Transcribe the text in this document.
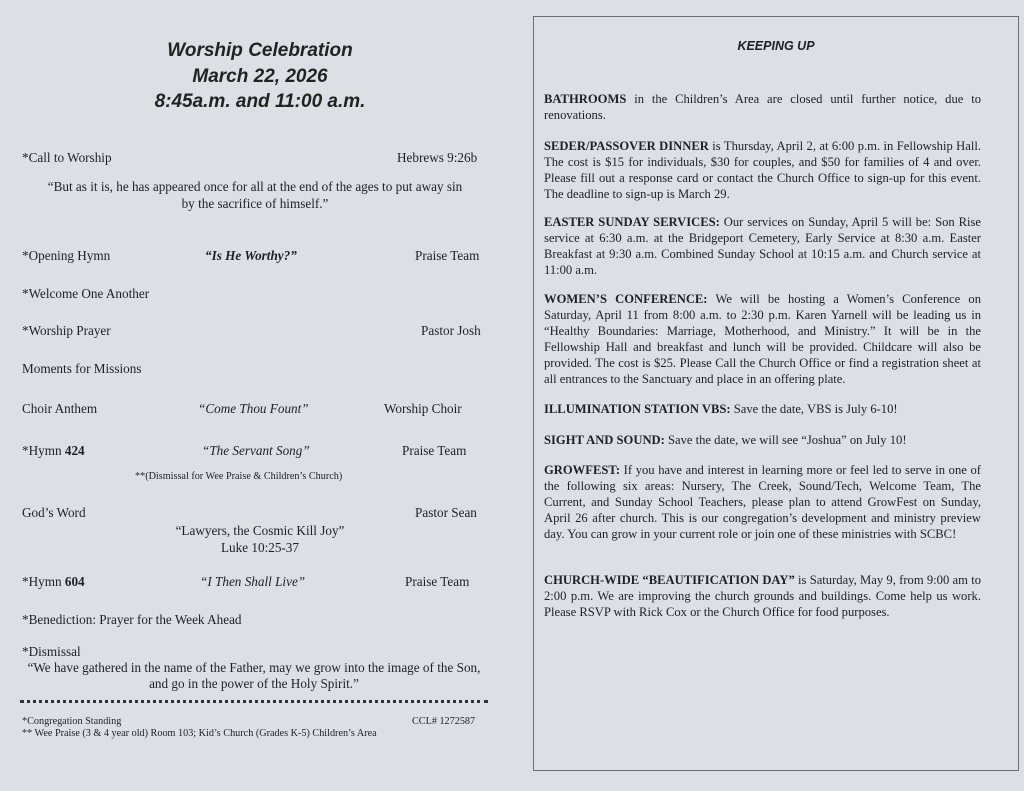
Worship Celebration
March 22, 2026
8:45a.m. and 11:00 a.m.
*Call to Worship	Hebrews 9:26b
“But as it is, he has appeared once for all at the end of the ages to put away sin by the sacrifice of himself.”
*Opening Hymn	“Is He Worthy?”	Praise Team
*Welcome One Another
*Worship Prayer	Pastor Josh
Moments for Missions
Choir Anthem	“Come Thou Fount”	Worship Choir
*Hymn 424	“The Servant Song”	Praise Team
**(Dismissal for Wee Praise & Children’s Church)
God’s Word	Pastor Sean
“Lawyers, the Cosmic Kill Joy”
Luke 10:25-37
*Hymn 604	“I Then Shall Live”	Praise Team
*Benediction: Prayer for the Week Ahead
*Dismissal
“We have gathered in the name of the Father, may we grow into the image of the Son, and go in the power of the Holy Spirit.”
*Congregation Standing	CCL# 1272587
** Wee Praise (3 & 4 year old) Room 103; Kid’s Church (Grades K-5) Children’s Area
KEEPING UP
BATHROOMS in the Children’s Area are closed until further notice, due to renovations.
SEDER/PASSOVER DINNER is Thursday, April 2, at 6:00 p.m. in Fellowship Hall. The cost is $15 for individuals, $30 for couples, and $50 for families of 4 and over. Please fill out a response card or contact the Church Office to sign-up for this event. The deadline to sign-up is March 29.
EASTER SUNDAY SERVICES: Our services on Sunday, April 5 will be: Son Rise service at 6:30 a.m. at the Bridgeport Cemetery, Early Service at 8:30 a.m. Easter Breakfast at 9:30 a.m. Combined Sunday School at 10:15 a.m. and Church service at 11:00 a.m.
WOMEN’S CONFERENCE: We will be hosting a Women’s Conference on Saturday, April 11 from 8:00 a.m. to 2:30 p.m. Karen Yarnell will be leading us in “Healthy Boundaries: Marriage, Motherhood, and Ministry.” It will be in the Fellowship Hall and breakfast and lunch will be provided. Childcare will also be provided. The cost is $25. Please Call the Church Office or find a registration sheet at all entrances to the Sanctuary and place in an offering plate.
ILLUMINATION STATION VBS: Save the date, VBS is July 6-10!
SIGHT AND SOUND: Save the date, we will see “Joshua” on July 10!
GROWFEST: If you have and interest in learning more or feel led to serve in one of the following six areas: Nursery, The Creek, Sound/Tech, Welcome Team, The Current, and Sunday School Teachers, please plan to attend GrowFest on Sunday, April 26 after church. This is our congregation’s development and ministry preview day. You can grow in your current role or join one of these ministries with SCBC!
CHURCH-WIDE “BEAUTIFICATION DAY” is Saturday, May 9, from 9:00 am to 2:00 p.m. We are improving the church grounds and buildings. Come help us work. Please RSVP with Rick Cox or the Church Office for food purposes.
